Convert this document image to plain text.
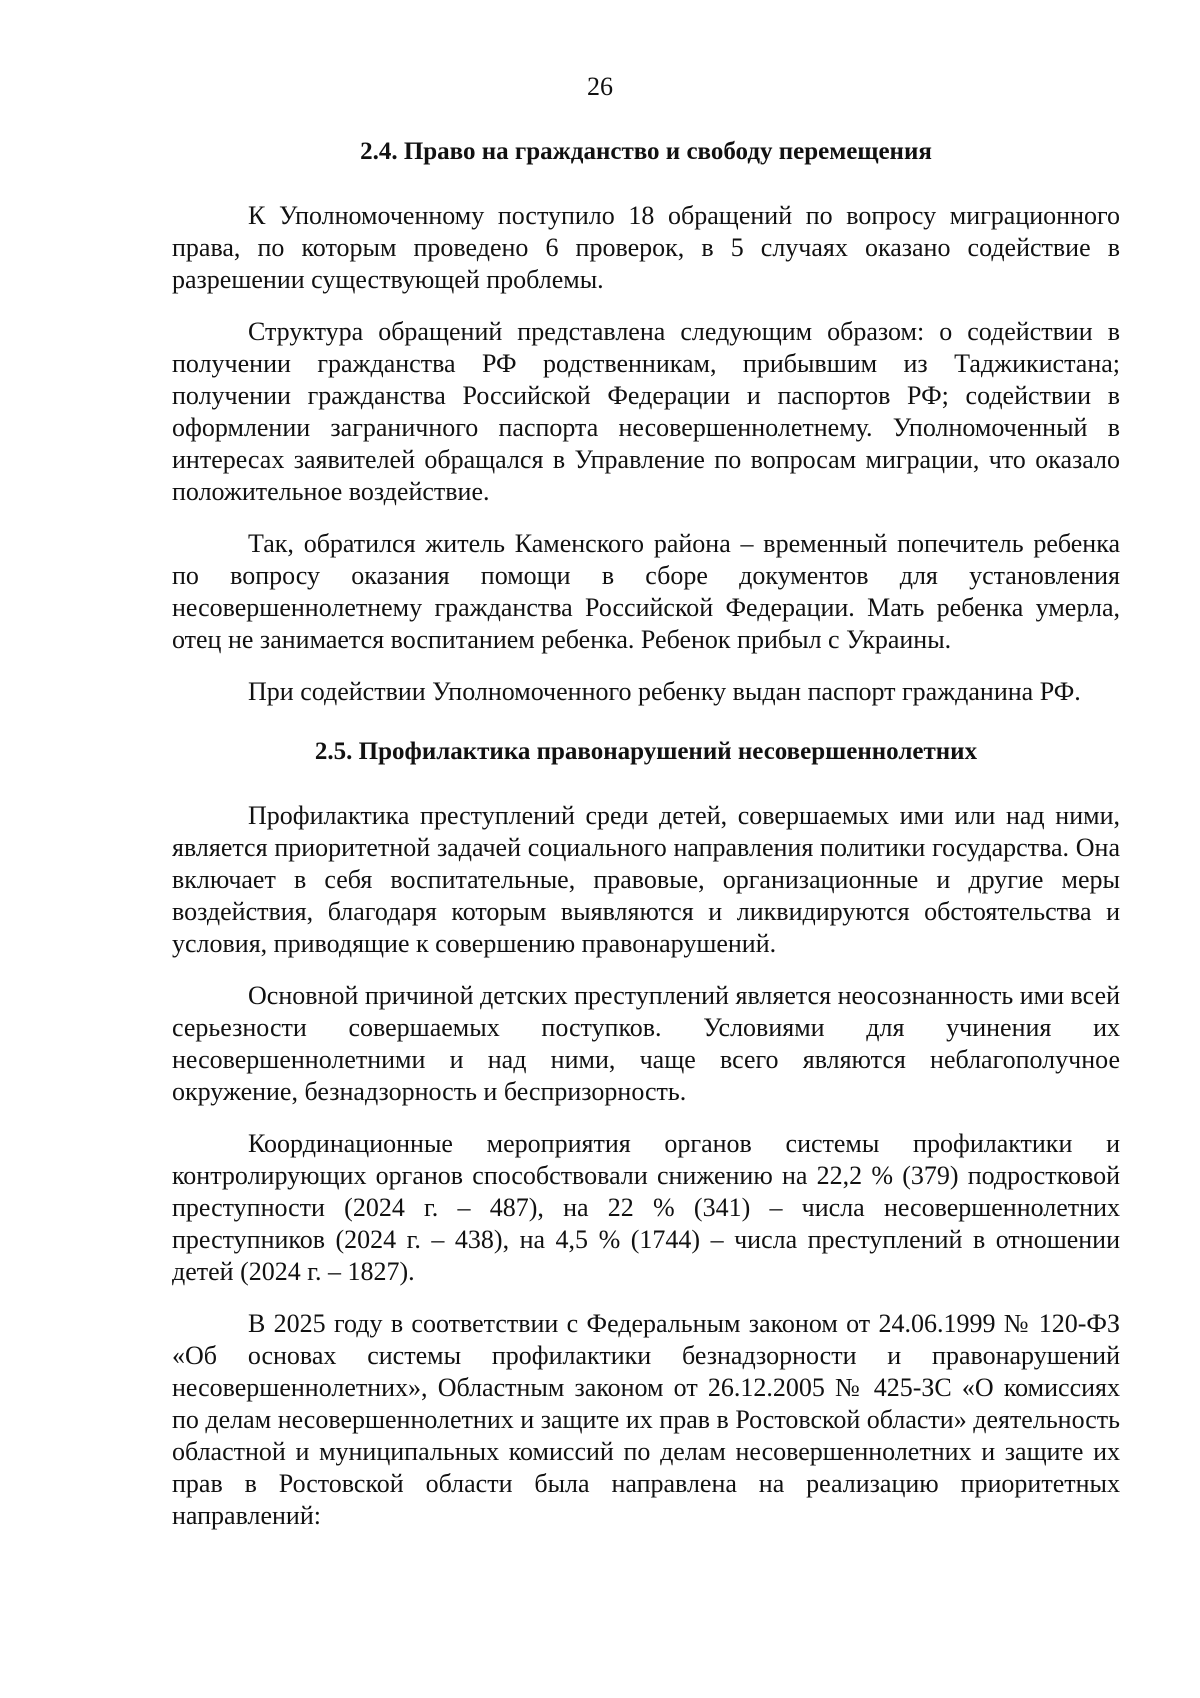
26
2.4. Право на гражданство и свободу перемещения

К Уполномоченному поступило 18 обращений по вопросу миграционного права, по которым проведено 6 проверок, в 5 случаях оказано содействие в разрешении существующей проблемы.

Структура обращений представлена следующим образом: о содействии в получении гражданства РФ родственникам, прибывшим из Таджикистана; получении гражданства Российской Федерации и паспортов РФ; содействии в оформлении заграничного паспорта несовершеннолетнему. Уполномоченный в интересах заявителей обращался в Управление по вопросам миграции, что оказало положительное воздействие.

Так, обратился житель Каменского района – временный попечитель ребенка по вопросу оказания помощи в сборе документов для установления несовершеннолетнему гражданства Российской Федерации. Мать ребенка умерла, отец не занимается воспитанием ребенка. Ребенок прибыл с Украины.

При содействии Уполномоченного ребенку выдан паспорт гражданина РФ.

2.5. Профилактика правонарушений несовершеннолетних

Профилактика преступлений среди детей, совершаемых ими или над ними, является приоритетной задачей социального направления политики государства. Она включает в себя воспитательные, правовые, организационные и другие меры воздействия, благодаря которым выявляются и ликвидируются обстоятельства и условия, приводящие к совершению правонарушений.

Основной причиной детских преступлений является неосознанность ими всей серьезности совершаемых поступков. Условиями для учинения их несовершеннолетними и над ними, чаще всего являются неблагополучное окружение, безнадзорность и беспризорность.

Координационные мероприятия органов системы профилактики и контролирующих органов способствовали снижению на 22,2 % (379) подростковой преступности (2024 г. – 487), на 22 % (341) – числа несовершеннолетних преступников (2024 г. – 438), на 4,5 % (1744) – числа преступлений в отношении детей (2024 г. – 1827).

В 2025 году в соответствии с Федеральным законом от 24.06.1999 № 120-ФЗ «Об основах системы профилактики безнадзорности и правонарушений несовершеннолетних», Областным законом от 26.12.2005 № 425-ЗС «О комиссиях по делам несовершеннолетних и защите их прав в Ростовской области» деятельность областной и муниципальных комиссий по делам несовершеннолетних и защите их прав в Ростовской области была направлена на реализацию приоритетных направлений:
